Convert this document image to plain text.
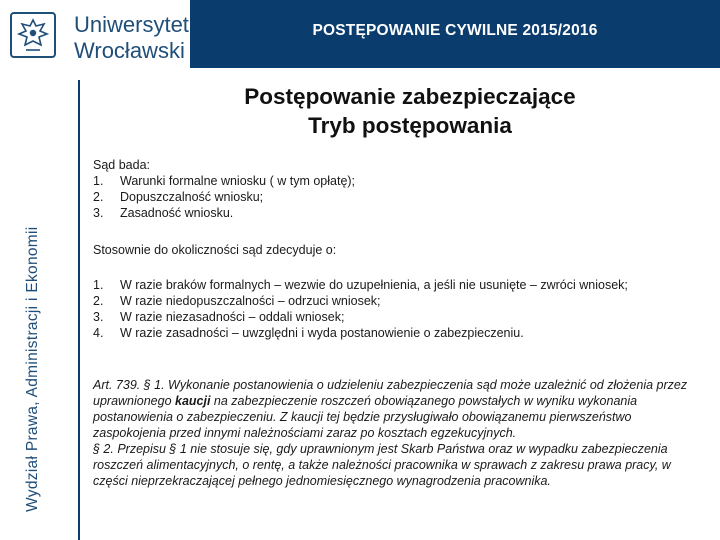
POSTĘPOWANIE CYWILNE 2015/2016
Uniwersytet
Wrocławski
Wydział Prawa, Administracji i Ekonomii
Postępowanie zabezpieczające
Tryb postępowania
Sąd bada:
1.	Warunki formalne wniosku ( w tym opłatę);
2.	Dopuszczalność wniosku;
3.	Zasadność wniosku.
Stosownie do okoliczności sąd zdecyduje o:
1.	W razie braków formalnych – wezwie do uzupełnienia, a jeśli nie usunięte – zwróci wniosek;
2.	W razie niedopuszczalności – odrzuci wniosek;
3.	W razie niezasadności – oddali wniosek;
4.	W razie zasadności – uwzględni i wyda postanowienie o zabezpieczeniu.
Art. 739. § 1. Wykonanie postanowienia o udzieleniu zabezpieczenia sąd może uzależnić od złożenia przez uprawnionego kaucji na zabezpieczenie roszczeń obowiązanego powstałych w wyniku wykonania postanowienia o zabezpieczeniu. Z kaucji tej będzie przysługiwało obowiązanemu pierwszeństwo zaspokojenia przed innymi należnościami zaraz po kosztach egzekucyjnych.
§ 2. Przepisu § 1 nie stosuje się, gdy uprawnionym jest Skarb Państwa oraz w wypadku zabezpieczenia roszczeń alimentacyjnych, o rentę, a także należności pracownika w sprawach z zakresu prawa pracy, w części nieprzekraczającej pełnego jednomiesięcznego wynagrodzenia pracownika.
